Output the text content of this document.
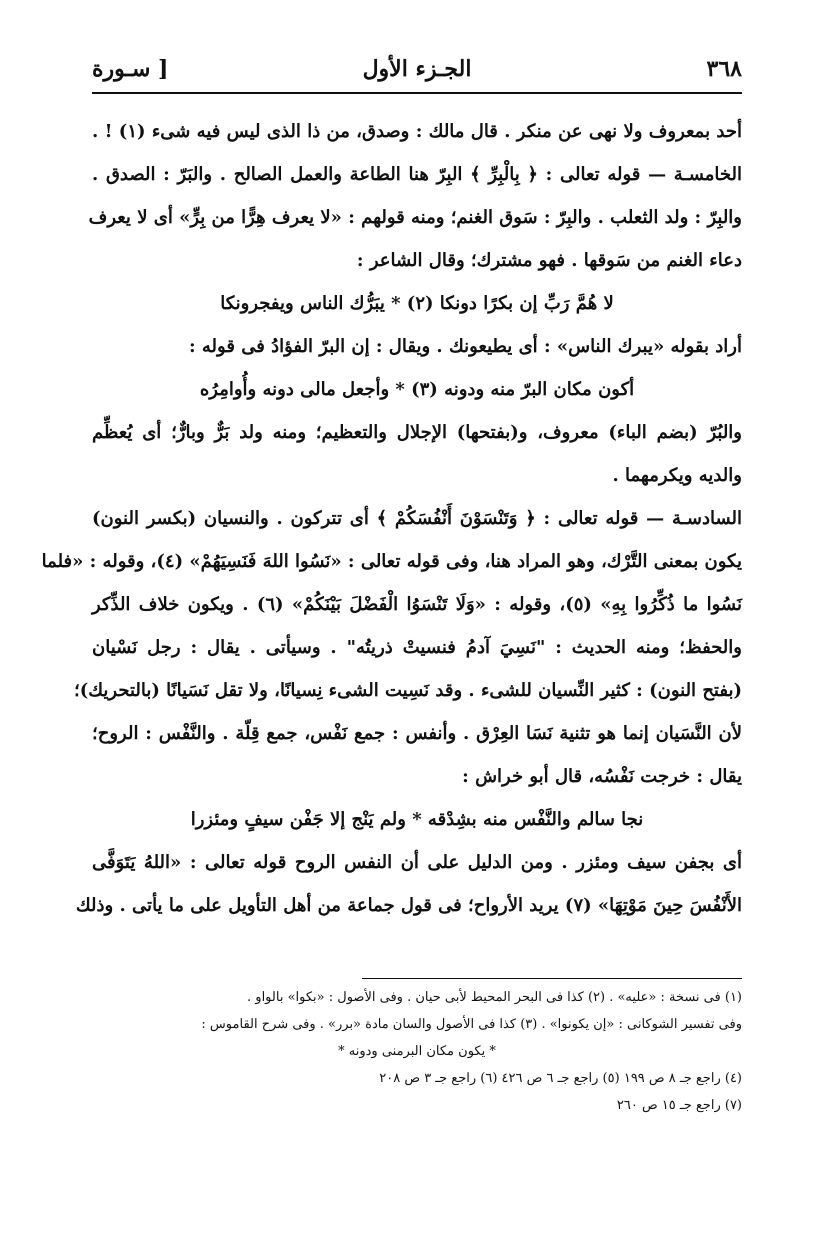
٣٦٨
الجـزء الأول
[ سـورة
أحد بمعروف ولا نهى عن منكر . قال مالك : وصدق، من ذا الذى ليس فيه شىء (١) ! .
الخامسـة — قوله تعالى : ﴿ بِالْبِرِّ ﴾ البِرّ هنا الطاعة والعمل الصالح . والبَرّ : الصدق .
والبِرّ : ولد الثعلب . والبِرّ : سَوق الغنم؛ ومنه قولهم : «لا يعرف هِرًّا من بِرٍّ» أى لا يعرف
دعاء الغنم من سَوقها . فهو مشترك؛ وقال الشاعر :
لا هُمَّ رَبِّ إن بكرًا دونكا (٢) * يبَرُّك الناس ويفجرونكا
أراد بقوله «يبرك الناس» : أى يطيعونك . ويقال : إن البرّ الفؤادُ فى قوله :
أكون مكان البرّ منه ودونه (٣) * وأجعل مالى دونه وأُوامِرُه
والبُرّ (بضم الباء) معروف، و(بفتحها) الإجلال والتعظيم؛ ومنه ولد بَرٌّ وبارٌّ؛ أى يُعظِّم
والديه ويكرمهما .
السادسـة — قوله تعالى : ﴿ وَتَنْسَوْنَ أَنْفُسَكُمْ ﴾ أى تتركون . والنسيان (بكسر النون)
يكون بمعنى التَّرْك، وهو المراد هنا، وفى قوله تعالى : «نَسُوا اللهَ فَنَسِيَهُمْ» (٤)، وقوله : «فلما
نَسُوا ما ذُكِّرُوا بِهِ» (٥)، وقوله : «وَلَا تَنْسَوُا الْفَضْلَ بَيْنَكُمْ» (٦) . ويكون خلاف الذِّكر
والحفظ؛ ومنه الحديث : "نَسِيَ آدمُ فنسيتْ ذريتُه" . وسيأتى . يقال : رجل نَسْيان
(بفتح النون) : كثير النِّسيان للشىء . وقد نَسِيت الشىء نِسيانًا، ولا تقل نَسَيانًا (بالتحريك)؛
لأن النَّسَيان إنما هو تثنية نَسَا العِرْق . وأنفس : جمع نَفْس، جمع قِلّة . والنَّفْس : الروح؛
يقال : خرجت نَفْسُه، قال أبو خراش :
نجا سالم والنَّفْس منه بشِدْقه * ولم يَنْج إلا جَفْن سيفٍ ومئزرا
أى بجفن سيف ومئزر . ومن الدليل على أن النفس الروح قوله تعالى : «اللهُ يَتَوَفَّى
الأَنْفُسَ حِينَ مَوْتِهَا» (٧) يريد الأرواح؛ فى قول جماعة من أهل التأويل على ما يأتى . وذلك
(١) فى نسخة : «عليه» . (٢) كذا فى البحر المحيط لأبى حيان . وفى الأصول : «بكوا» بالواو .
وفى تفسير الشوكانى : «إن يكونوا» . (٣) كذا فى الأصول والسان مادة «برر» . وفى شرح القاموس :
* يكون مكان البرمنى ودونه *
(٤) راجع جـ ٨ ص ١٩٩ (٥) راجع جـ ٦ ص ٤٢٦ (٦) راجع جـ ٣ ص ٢٠٨
(٧) راجع جـ ١٥ ص ٢٦٠
